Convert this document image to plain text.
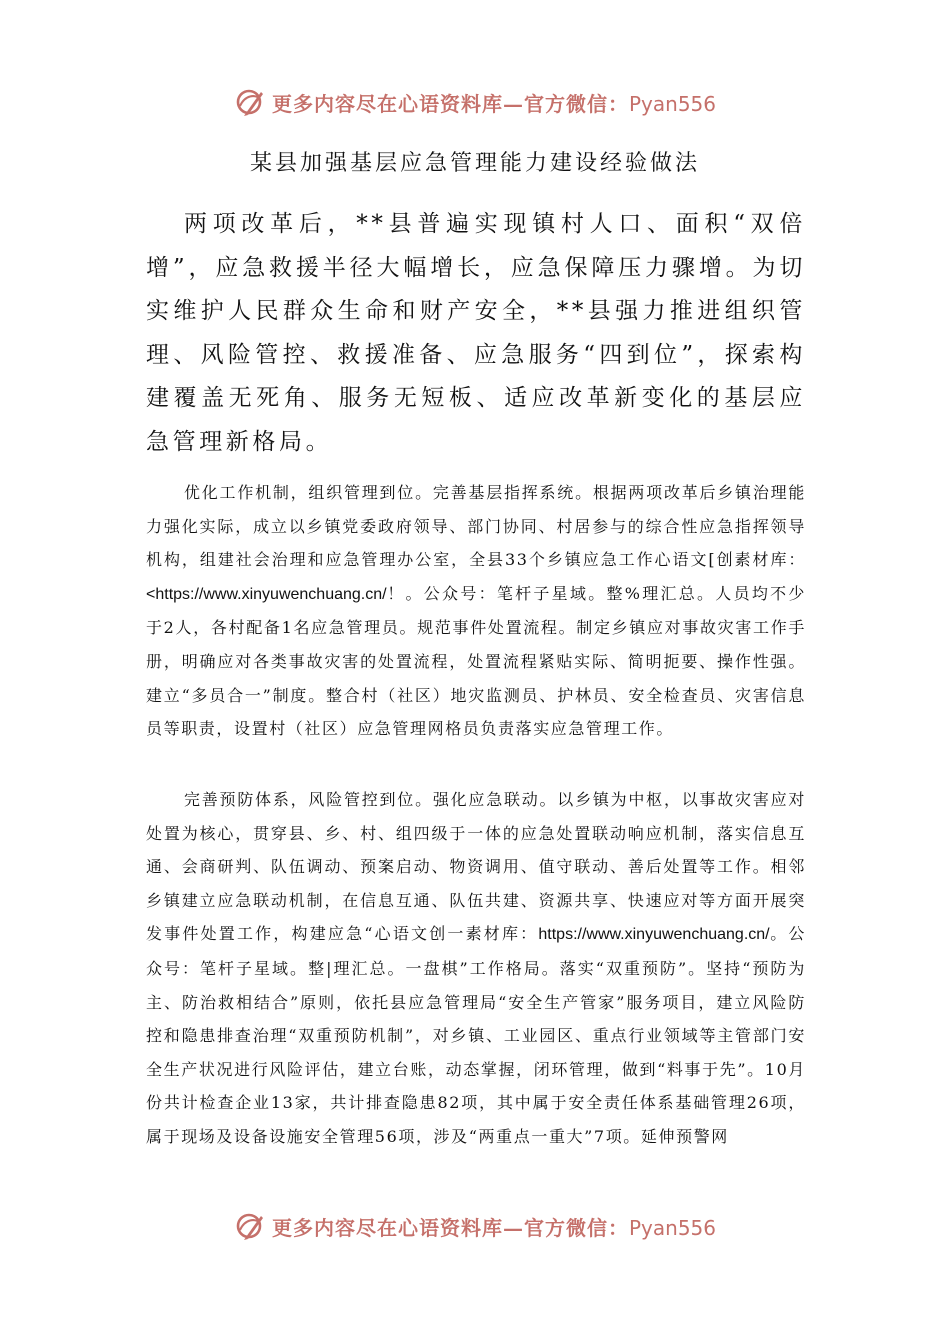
更多内容尽在心语资料库—官方微信：Pyan556
某县加强基层应急管理能力建设经验做法

两项改革后，**县普遍实现镇村人口、面积“双倍增”，应急救援半径大幅增长，应急保障压力骤增。为切实维护人民群众生命和财产安全，**县强力推进组织管理、风险管控、救援准备、应急服务“四到位”，探索构建覆盖无死角、服务无短板、适应改革新变化的基层应急管理新格局。

优化工作机制，组织管理到位。完善基层指挥系统。根据两项改革后乡镇治理能力强化实际，成立以乡镇党委政府领导、部门协同、村居参与的综合性应急指挥领导机构，组建社会治理和应急管理办公室，全县33个乡镇应急工作心语文[创素材库：<https://www.xinyuwenchuang.cn/！。公众号：笔杆子星域。整%理汇总。人员均不少于2人，各村配备1名应急管理员。规范事件处置流程。制定乡镇应对事故灾害工作手册，明确应对各类事故灾害的处置流程，处置流程紧贴实际、简明扼要、操作性强。建立“多员合一”制度。整合村（社区）地灾监测员、护林员、安全检查员、灾害信息员等职责，设置村（社区）应急管理网格员负责落实应急管理工作。

完善预防体系，风险管控到位。强化应急联动。以乡镇为中枢，以事故灾害应对处置为核心，贯穿县、乡、村、组四级于一体的应急处置联动响应机制，落实信息互通、会商研判、队伍调动、预案启动、物资调用、值守联动、善后处置等工作。相邻乡镇建立应急联动机制，在信息互通、队伍共建、资源共享、快速应对等方面开展突发事件处置工作，构建应急“心语文创一素材库：https://www.xinyuwenchuang.cn/。公众号：笔杆子星域。整|理汇总。一盘棋”工作格局。落实“双重预防”。坚持“预防为主、防治救相结合”原则，依托县应急管理局“安全生产管家”服务项目，建立风险防控和隐患排查治理“双重预防机制”，对乡镇、工业园区、重点行业领域等主管部门安全生产状况进行风险评估，建立台账，动态掌握，闭环管理，做到“料事于先”。10月份共计检查企业13家，共计排查隐患82项，其中属于安全责任体系基础管理26项，属于现场及设备设施安全管理56项，涉及“两重点一重大”7项。延伸预警网

更多内容尽在心语资料库—官方微信：Pyan556
